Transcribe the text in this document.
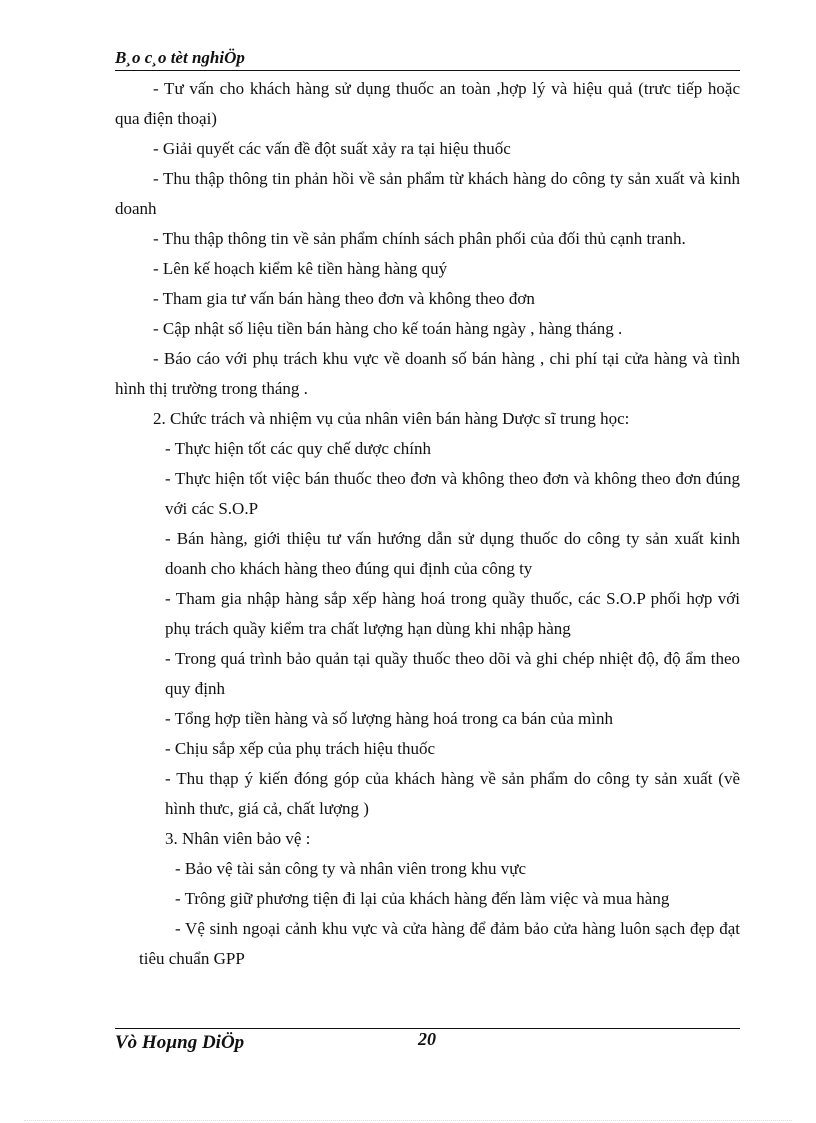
B¸o c¸o tèt nghiÖp

- Tư vấn cho khách hàng sử dụng thuốc an toàn ,hợp lý và hiệu quả (trưc tiếp hoặc qua điện thoại)

- Giải quyết các vấn đề đột suất xảy ra tại hiệu thuốc

- Thu thập thông tin phản hồi về sản phẩm từ khách hàng do công ty sản xuất và kinh doanh

- Thu thập thông tin về sản phẩm chính sách phân phối của đối thủ cạnh tranh.

- Lên kế hoạch kiểm kê tiền hàng hàng quý

- Tham gia tư vấn bán hàng theo đơn và không theo đơn

- Cập nhật số liệu tiền bán hàng cho kế toán hàng ngày , hàng tháng .

- Báo cáo với phụ trách khu vực về doanh số bán hàng , chi phí tại cửa hàng và tình hình thị trường trong tháng .

2. Chức trách và nhiệm vụ của nhân viên bán hàng Dược sĩ trung học:

- Thực hiện tốt các quy chế dược chính

- Thực hiện tốt việc bán thuốc theo đơn và không theo đơn và không theo đơn đúng với các S.O.P

- Bán hàng, giới thiệu tư vấn hướng dẫn sử dụng thuốc do công ty sản xuất kinh doanh cho khách hàng theo đúng qui định của công ty

- Tham gia nhập hàng sắp xếp hàng hoá trong quầy thuốc, các S.O.P phối hợp với phụ trách quầy kiểm tra chất lượng hạn dùng khi nhập hàng

- Trong quá trình bảo quản tại quầy thuốc theo dõi và ghi chép nhiệt độ, độ ẩm theo quy định

- Tổng hợp tiền hàng và số lượng hàng hoá trong ca bán của mình

- Chịu sắp xếp của phụ trách hiệu thuốc

- Thu thạp ý kiến đóng góp của khách hàng về sản phẩm do công ty sản xuất (về hình thưc, giá cả, chất lượng )

3. Nhân viên bảo vệ :

- Bảo vệ tài sản công ty và nhân viên trong khu vực

- Trông giữ phương tiện đi lại của khách hàng đến làm việc và mua hàng

- Vệ sinh ngoại cảnh khu vực và cửa hàng để đảm bảo cửa hàng luôn sạch đẹp đạt tiêu chuẩn GPP

Vò Hoµng DiÖp	20
